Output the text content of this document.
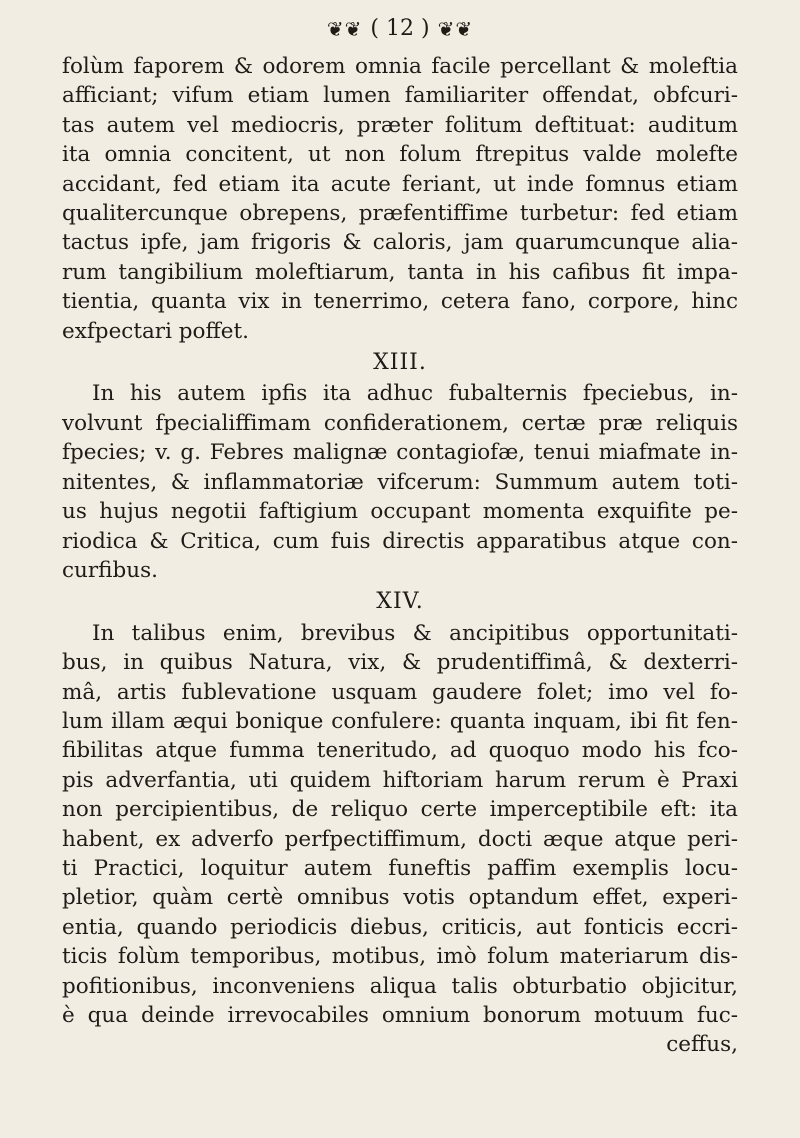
❦❦ ( 12 ) ❦❦
folùm faporem & odorem omnia facile percellant & moleftia
afficiant; vifum etiam lumen familiariter offendat, obfcuri-
tas autem vel mediocris, præter folitum deftituat: auditum
ita omnia concitent, ut non folum ftrepitus valde molefte
accidant, fed etiam ita acute feriant, ut inde fomnus etiam
qualitercunque obrepens, præfentiffime turbetur: fed etiam
tactus ipfe, jam frigoris & caloris, jam quarumcunque alia-
rum tangibilium moleftiarum, tanta in his cafibus fit impa-
tientia, quanta vix in tenerrimo, cetera fano, corpore, hinc
exfpectari poffet.
XIII.
In his autem ipfis ita adhuc fubalternis fpeciebus, in-
volvunt fpecialiffimam confiderationem, certæ præ reliquis
fpecies; v. g. Febres malignæ contagiofæ, tenui miafmate in-
nitentes, & inflammatoriæ vifcerum: Summum autem toti-
us hujus negotii faftigium occupant momenta exquifite pe-
riodica & Critica, cum fuis directis apparatibus atque con-
curfibus.
XIV.
In talibus enim, brevibus & ancipitibus opportunitati-
bus, in quibus Natura, vix, & prudentiffimâ, & dexterri-
mâ, artis fublevatione usquam gaudere folet; imo vel fo-
lum illam æqui bonique confulere: quanta inquam, ibi fit fen-
fibilitas atque fumma teneritudo, ad quoquo modo his fco-
pis adverfantia, uti quidem hiftoriam harum rerum è Praxi
non percipientibus, de reliquo certe imperceptibile eft: ita
habent, ex adverfo perfpectiffimum, docti æque atque peri-
ti Practici, loquitur autem funeftis paffim exemplis locu-
pletior, quàm certè omnibus votis optandum effet, experi-
entia, quando periodicis diebus, criticis, aut fonticis eccri-
ticis folùm temporibus, motibus, imò folum materiarum dis-
pofitionibus, inconveniens aliqua talis obturbatio objicitur,
è qua deinde irrevocabiles omnium bonorum motuum fuc-
ceffus,
